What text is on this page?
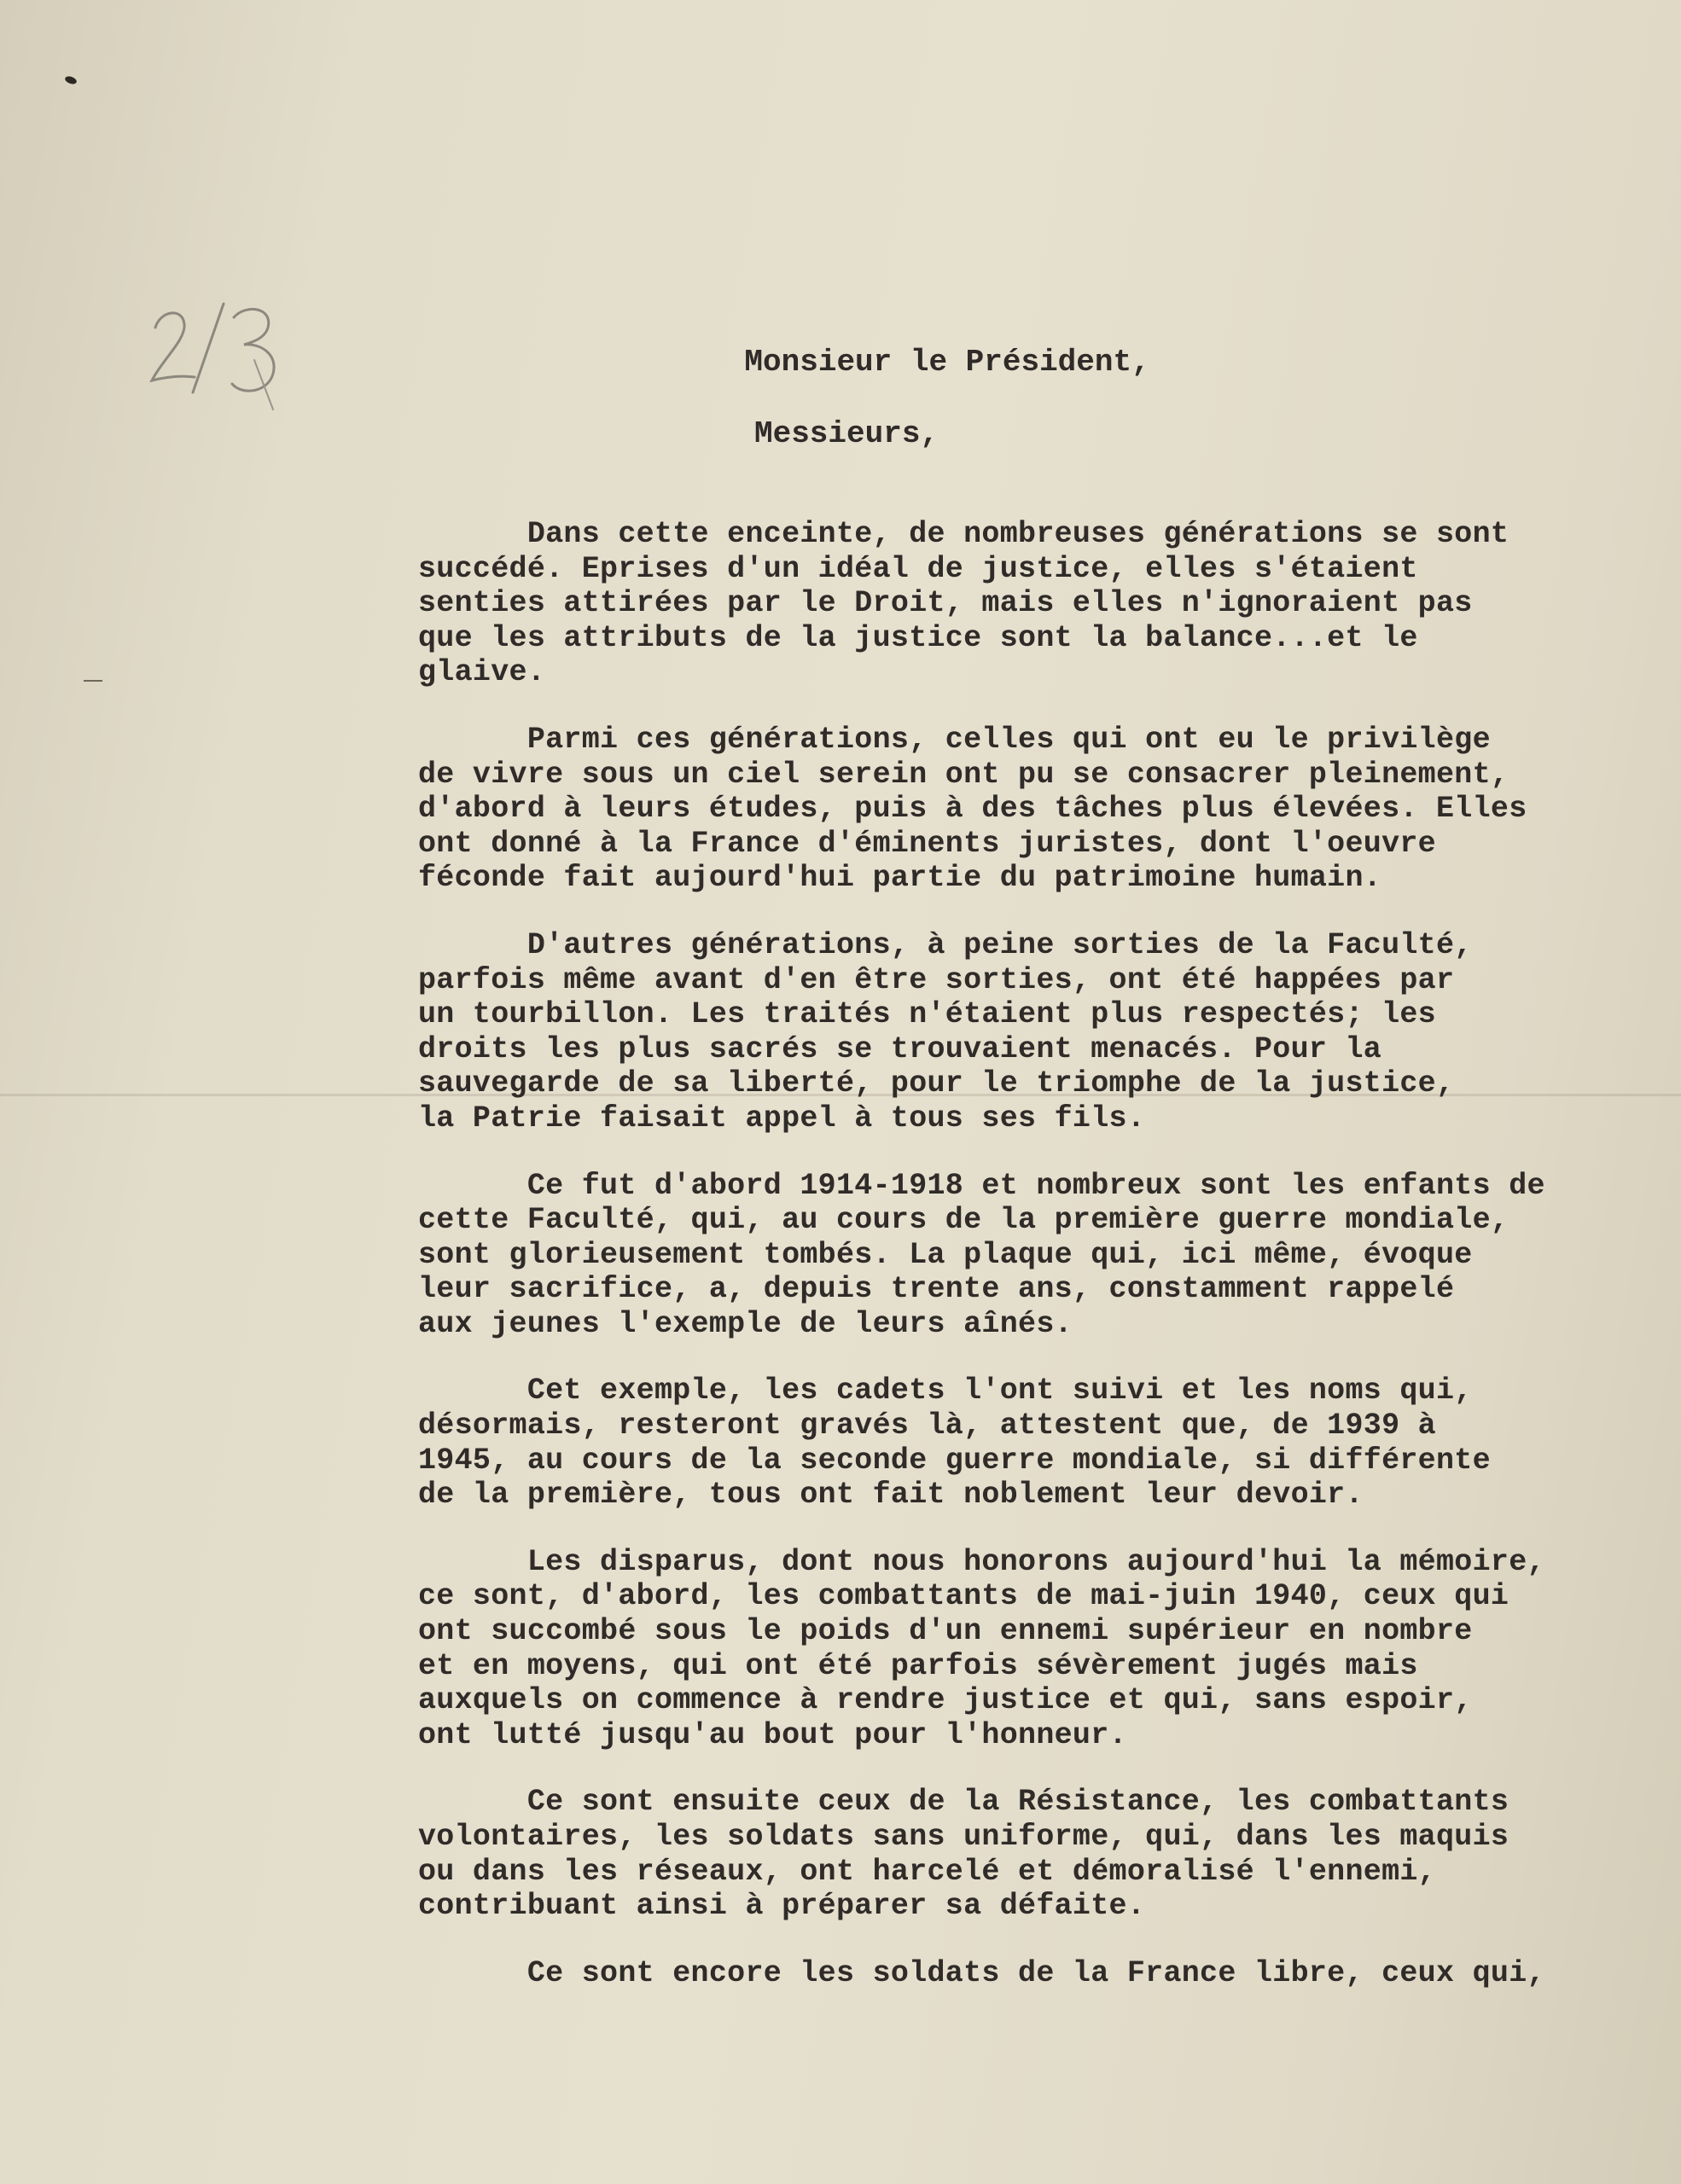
Monsieur le Président,

Messieurs,

Dans cette enceinte, de nombreuses générations se sont
succédé. Eprises d'un idéal de justice, elles s'étaient
senties attirées par le Droit, mais elles n'ignoraient pas
que les attributs de la justice sont la balance...et le
glaive.
Parmi ces générations, celles qui ont eu le privilège
de vivre sous un ciel serein ont pu se consacrer pleinement,
d'abord à leurs études, puis à des tâches plus élevées. Elles
ont donné à la France d'éminents juristes, dont l'oeuvre
féconde fait aujourd'hui partie du patrimoine humain.
D'autres générations, à peine sorties de la Faculté,
parfois même avant d'en être sorties, ont été happées par
un tourbillon. Les traités n'étaient plus respectés; les
droits les plus sacrés se trouvaient menacés. Pour la
sauvegarde de sa liberté, pour le triomphe de la justice,
la Patrie faisait appel à tous ses fils.
Ce fut d'abord 1914-1918 et nombreux sont les enfants de
cette Faculté, qui, au cours de la première guerre mondiale,
sont glorieusement tombés. La plaque qui, ici même, évoque
leur sacrifice, a, depuis trente ans, constamment rappelé
aux jeunes l'exemple de leurs aînés.
Cet exemple, les cadets l'ont suivi et les noms qui,
désormais, resteront gravés là, attestent que, de 1939 à
1945, au cours de la seconde guerre mondiale, si différente
de la première, tous ont fait noblement leur devoir.
Les disparus, dont nous honorons aujourd'hui la mémoire,
ce sont, d'abord, les combattants de mai-juin 1940, ceux qui
ont succombé sous le poids d'un ennemi supérieur en nombre
et en moyens, qui ont été parfois sévèrement jugés mais
auxquels on commence à rendre justice et qui, sans espoir,
ont lutté jusqu'au bout pour l'honneur.
Ce sont ensuite ceux de la Résistance, les combattants
volontaires, les soldats sans uniforme, qui, dans les maquis
ou dans les réseaux, ont harcelé et démoralisé l'ennemi,
contribuant ainsi à préparer sa défaite.
Ce sont encore les soldats de la France libre, ceux qui,
